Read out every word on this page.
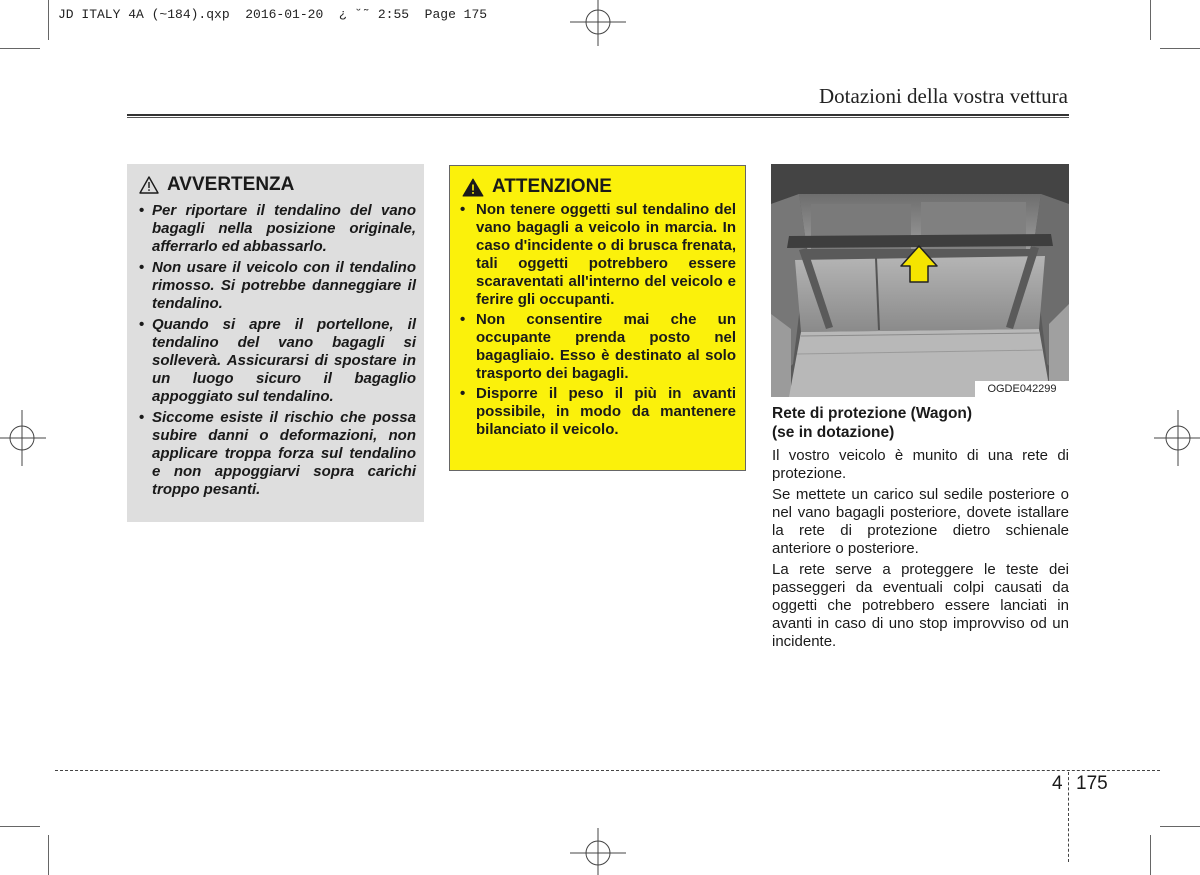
JD ITALY 4A (~184).qxp  2016-01-20  ¿ ˘˜ 2:55  Page 175
Dotazioni della vostra vettura
AVVERTENZA
• Per riportare il tendalino del vano bagagli nella posizione originale, afferrarlo ed abbassarlo.
• Non usare il veicolo con il tendalino rimosso. Si potrebbe danneggiare il tendalino.
• Quando si apre il portellone, il tendalino del vano bagagli si solleverà. Assicurarsi di spostare in un luogo sicuro il bagaglio appoggiato sul tendalino.
• Siccome esiste il rischio che possa subire danni o deformazioni, non applicare troppa forza sul tendalino e non appoggiarvi sopra carichi troppo pesanti.
ATTENZIONE
• Non tenere oggetti sul tendalino del vano bagagli a veicolo in marcia. In caso d'incidente o di brusca frenata, tali oggetti potrebbero essere scaraventati all'interno del veicolo e ferire gli occupanti.
• Non consentire mai che un occupante prenda posto nel bagagliaio. Esso è destinato al solo trasporto dei bagagli.
• Disporre il peso il più in avanti possibile, in modo da mantenere bilanciato il veicolo.
OGDE042299
Rete di protezione (Wagon)
(se in dotazione)

Il vostro veicolo è munito di una rete di protezione.

Se mettete un carico sul sedile posteriore o nel vano bagagli posteriore, dovete istallare la rete di protezione dietro schienale anteriore o posteriore.

La rete serve a proteggere le teste dei passeggeri da eventuali colpi causati da oggetti che potrebbero essere lanciati in avanti in caso di uno stop improvviso od un incidente.

4 175
